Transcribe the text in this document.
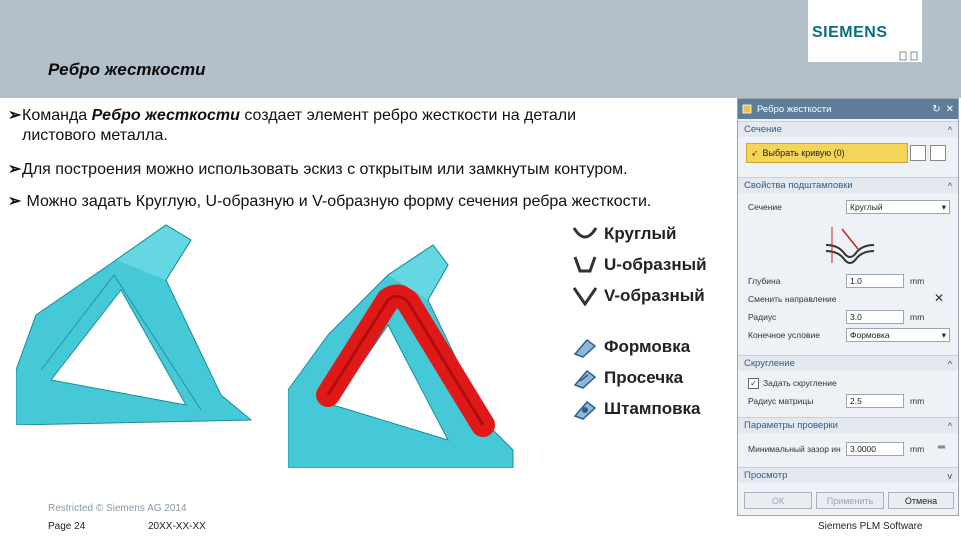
Ребро жесткости
SIEMENS
➢Команда Ребро жесткости создает элемент ребро жесткости на детали
листового металла.
➢Для построения можно использовать эскиз с открытым или замкнутым контуром.
➢ Можно задать Круглую, U-образную и V-образную форму сечения ребра жесткости.
Круглый
U-образный
V-образный
Формовка
Просечка
Штамповка
Ребро жесткости	↻ ✕
Сечение	^
➹ Выбрать кривую (0)
Свойства подштамповки	^
Сечение	Круглый	▾
Глубина	1.0	mm
Сменить направление	✕
Радиус	3.0	mm
Конечное условие	Формовка	▾
Скругление	^
✓ Задать скругление
Радиус матрицы	2.5	mm
Параметры проверки	^
Минимальный зазор ин	3.0000	mm ═
Просмотр	v
ОК	Применить	Отмена
Restricted © Siemens AG 2014
Page 24	20XX-XX-XX	Siemens PLM Software
